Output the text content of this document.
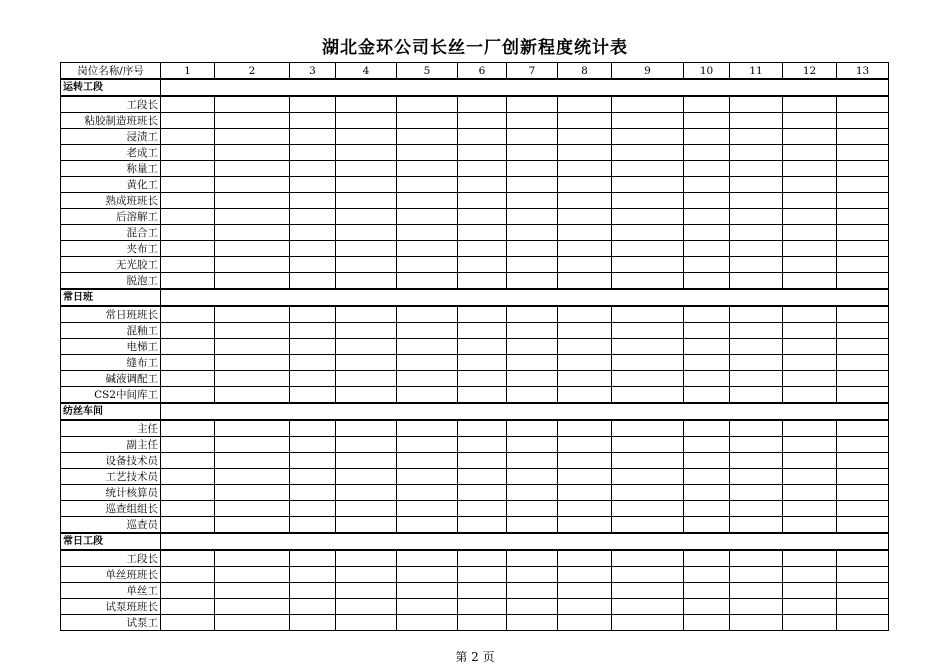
湖北金环公司长丝一厂创新程度统计表
岗位名称/序号	1	2	3	4	5	6	7	8	9	10	11	12	13
运转工段													
工段长													
粘胶制造班班长													
浸渍工													
老成工													
称量工													
黄化工													
熟成班班长													
后溶解工													
混合工													
夹布工													
无光胶工													
脱泡工													
常日班													
常日班班长													
混釉工													
电梯工													
缝布工													
碱液调配工													
CS2中间库工													
纺丝车间													
主任													
副主任													
设备技术员													
工艺技术员													
统计核算员													
巡查组组长													
巡查员													
常日工段													
工段长													
单丝班班长													
单丝工													
试泵班班长													
试泵工													
第 2 页
